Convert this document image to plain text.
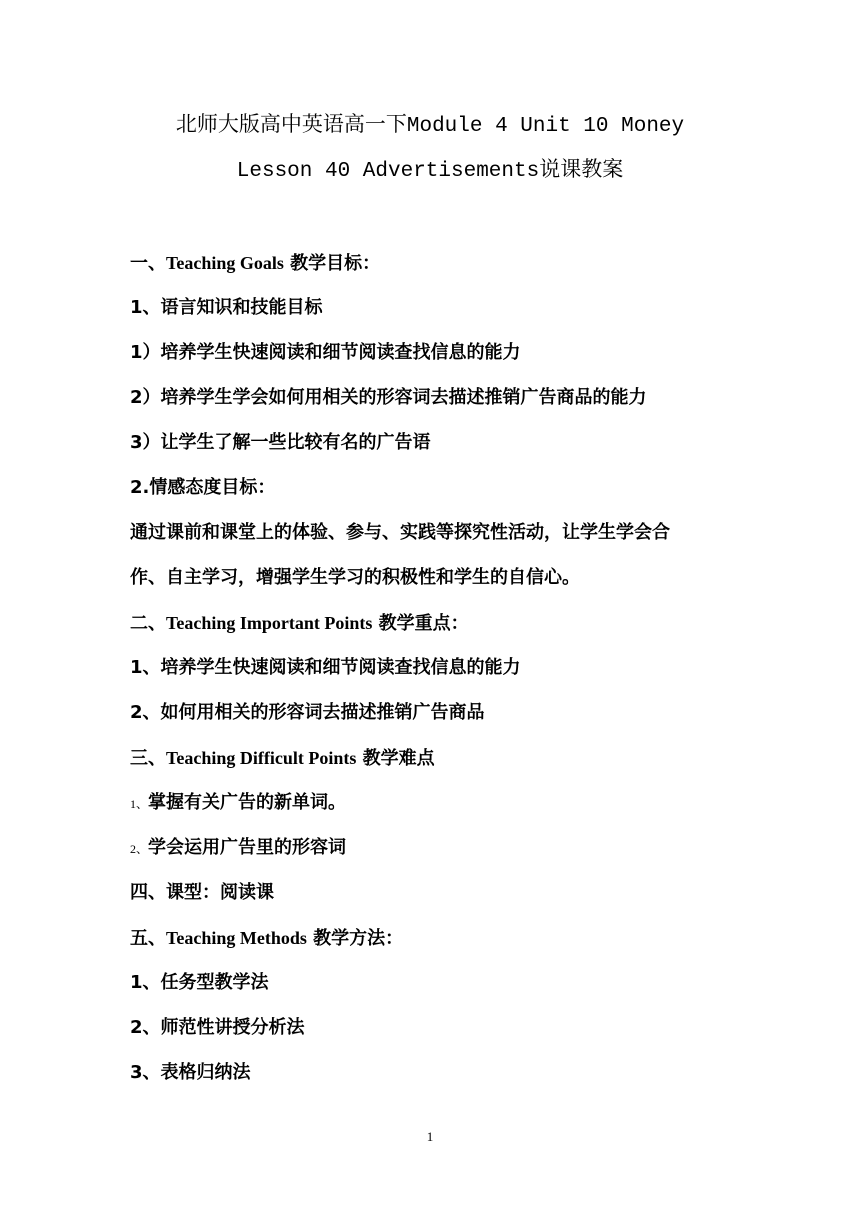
北师大版高中英语高一下Module 4 Unit 10 Money
Lesson 40 Advertisements说课教案
一、Teaching Goals 教学目标：
1、语言知识和技能目标
1）培养学生快速阅读和细节阅读查找信息的能力
2）培养学生学会如何用相关的形容词去描述推销广告商品的能力
3）让学生了解一些比较有名的广告语
2.情感态度目标：
通过课前和课堂上的体验、参与、实践等探究性活动，让学生学会合
作、自主学习，增强学生学习的积极性和学生的自信心。
二、Teaching Important Points 教学重点：
1、培养学生快速阅读和细节阅读查找信息的能力
2、如何用相关的形容词去描述推销广告商品
三、Teaching Difficult Points 教学难点
1、掌握有关广告的新单词。
2、学会运用广告里的形容词
四、课型：阅读课
五、Teaching Methods 教学方法：
1、任务型教学法
2、师范性讲授分析法
3、表格归纳法
1
